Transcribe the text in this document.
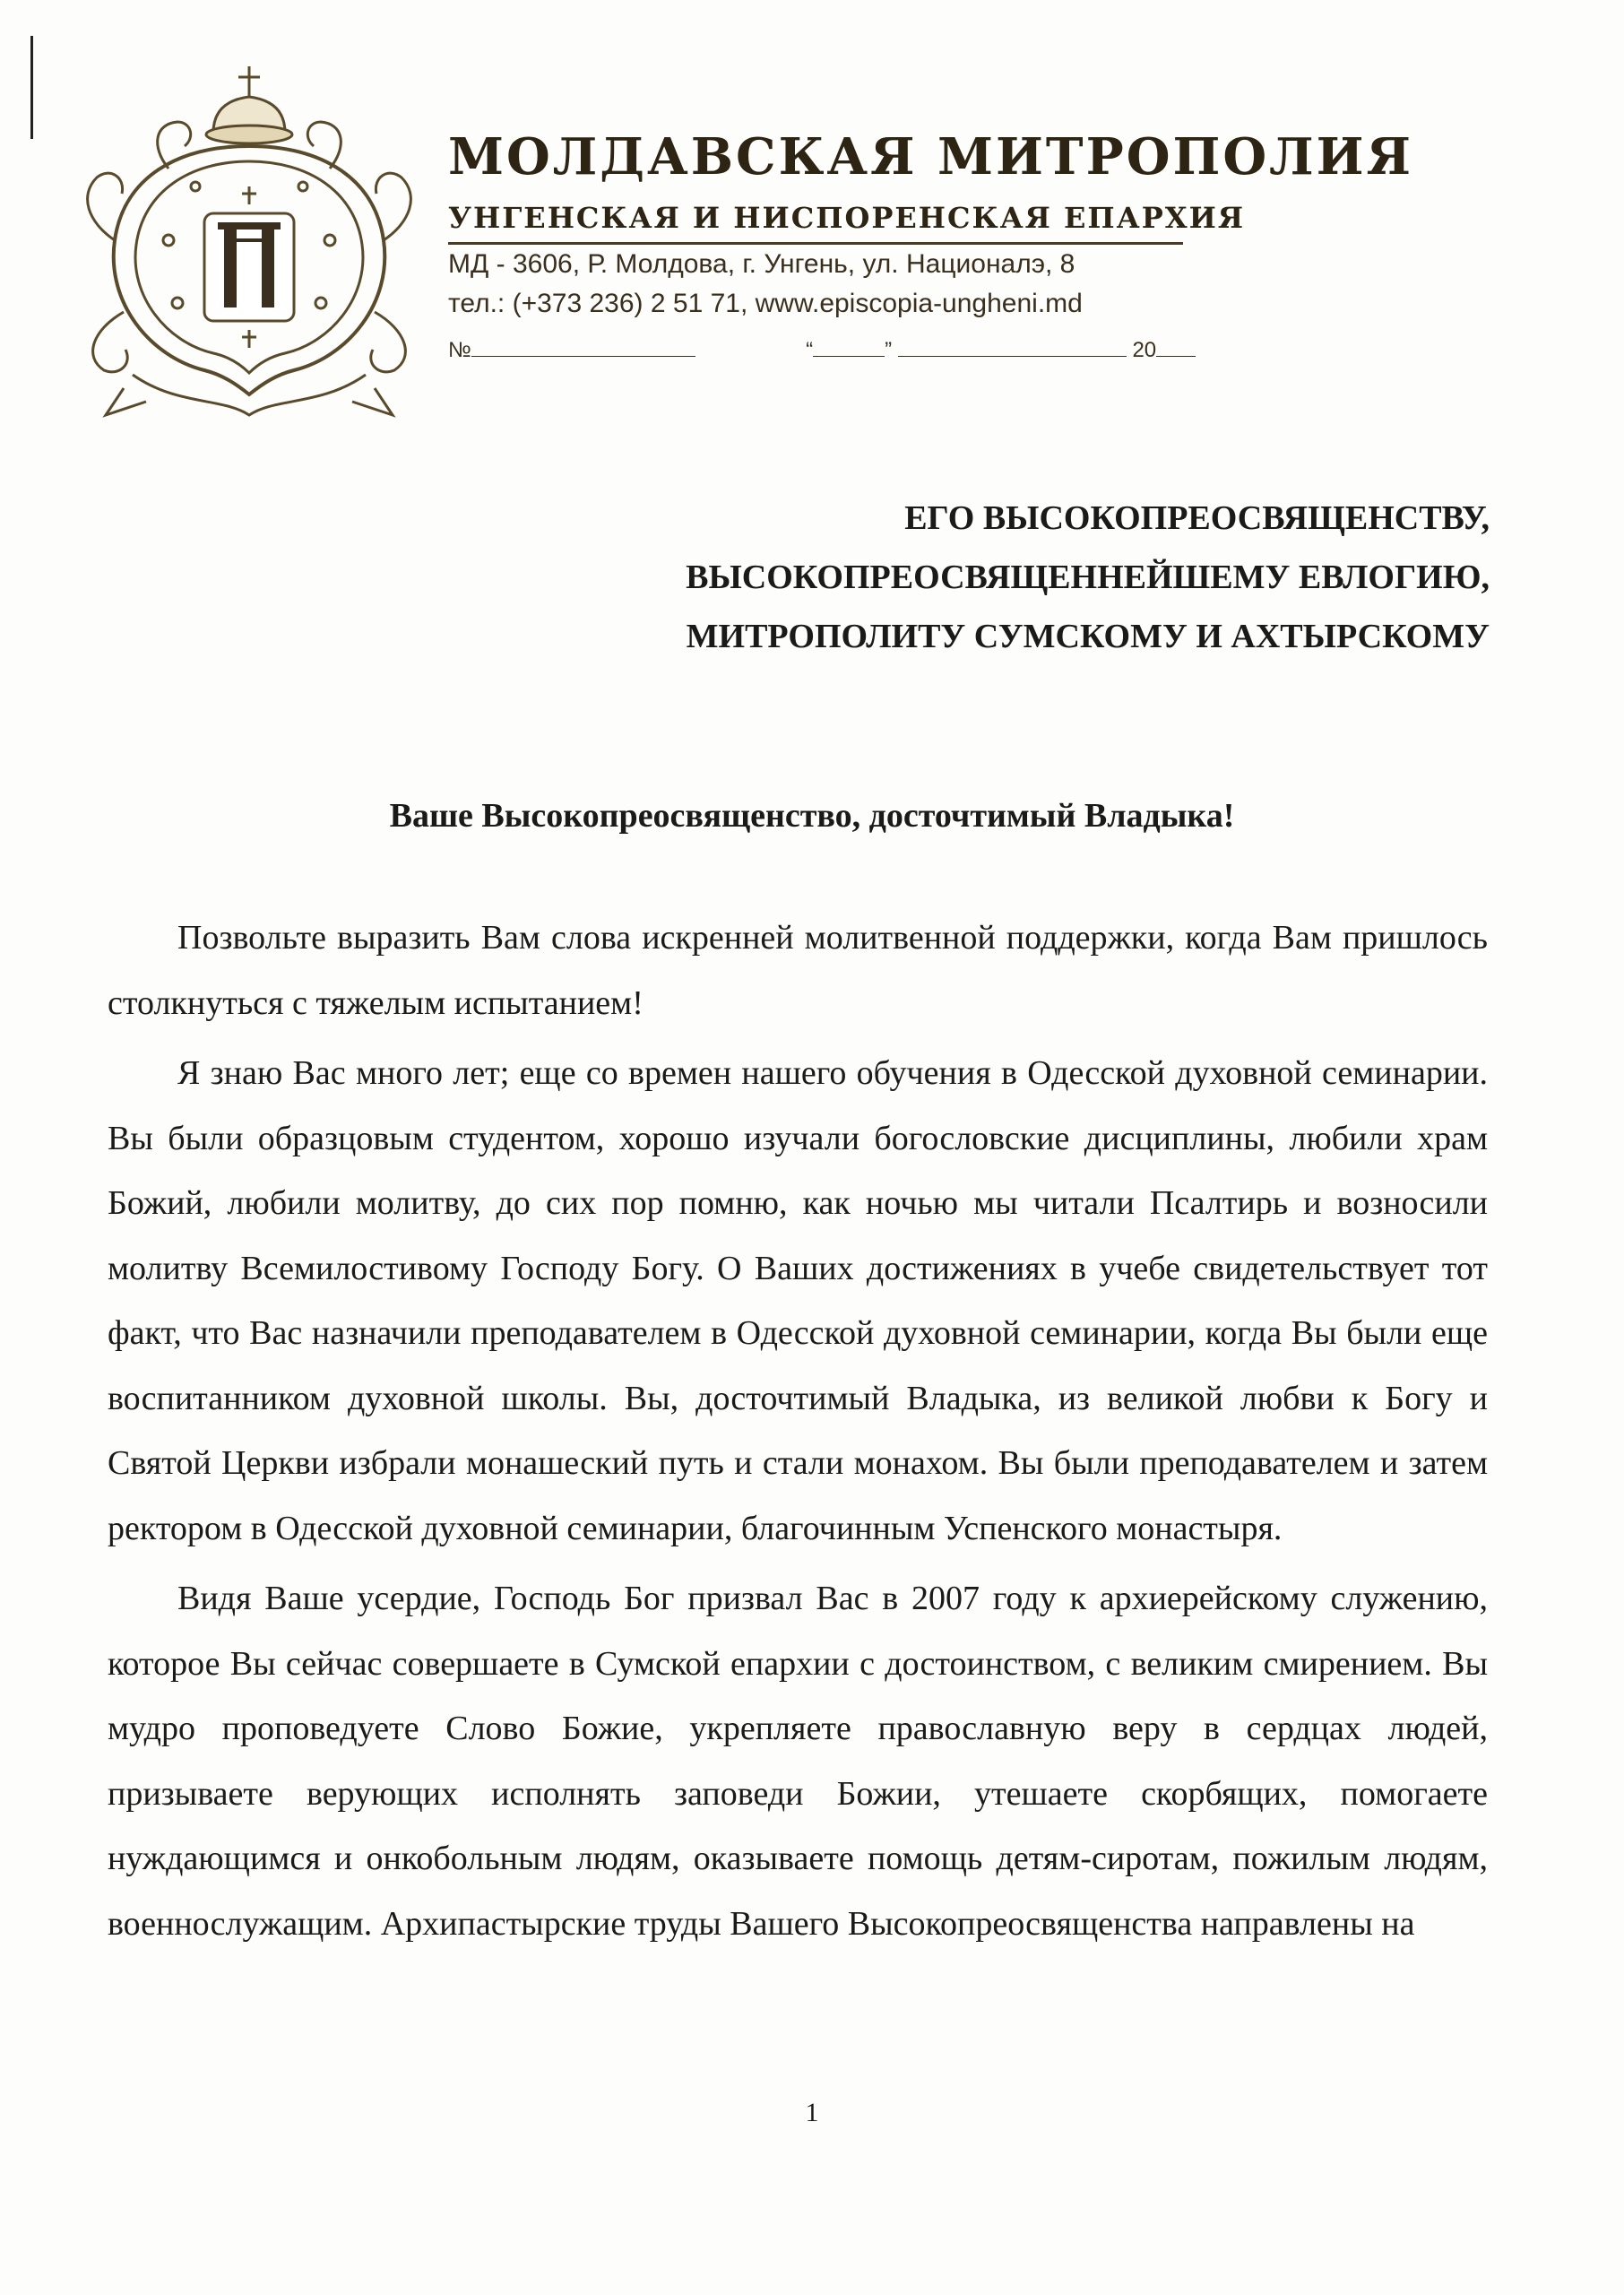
МОЛДАВСКАЯ МИТРОПОЛИЯ
УНГЕНСКАЯ И НИСПОРЕНСКАЯ ЕПАРХИЯ
МД - 3606, Р. Молдова, г. Унгень, ул. Националэ, 8
тел.: (+373 236) 2 51 71, www.episcopia-ungheni.md
№	“	”	20
ЕГО ВЫСОКОПРЕОСВЯЩЕНСТВУ,
ВЫСОКОПРЕОСВЯЩЕННЕЙШЕМУ ЕВЛОГИЮ,
МИТРОПОЛИТУ СУМСКОМУ И АХТЫРСКОМУ
Ваше Высокопреосвященство, досточтимый Владыка!

Позвольте выразить Вам слова искренней молитвенной поддержки, когда Вам пришлось столкнуться с тяжелым испытанием!

Я знаю Вас много лет; еще со времен нашего обучения в Одесской духовной семинарии. Вы были образцовым студентом, хорошо изучали богословские дисциплины, любили храм Божий, любили молитву, до сих пор помню, как ночью мы читали Псалтирь и возносили молитву Всемилостивому Господу Богу. О Ваших достижениях в учебе свидетельствует тот факт, что Вас назначили преподавателем в Одесской духовной семинарии, когда Вы были еще воспитанником духовной школы. Вы, досточтимый Владыка, из великой любви к Богу и Святой Церкви избрали монашеский путь и стали монахом. Вы были преподавателем и затем ректором в Одесской духовной семинарии, благочинным Успенского монастыря.

Видя Ваше усердие, Господь Бог призвал Вас в 2007 году к архиерейскому служению, которое Вы сейчас совершаете в Сумской епархии с достоинством, с великим смирением. Вы мудро проповедуете Слово Божие, укрепляете православную веру в сердцах людей, призываете верующих исполнять заповеди Божии, утешаете скорбящих, помогаете нуждающимся и онкобольным людям, оказываете помощь детям-сиротам, пожилым людям, военнослужащим. Архипастырские труды Вашего Высокопреосвященства направлены на

1
